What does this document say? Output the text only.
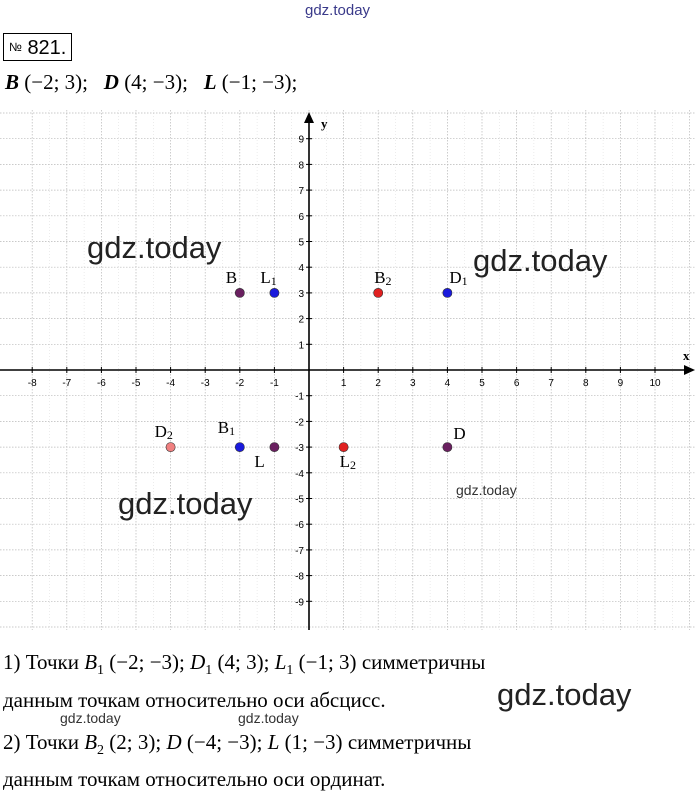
gdz.today
№ 821.
B (−2; 3); D (4; −3); L (−1; −3);
x
y
-8	-7	-6	-5	-4	-3	-2	-1	1	2	3	4	5	6	7	8	9	10
9
8
7
6
5
4
3
2
1
-1
-2
-3
-4
-5
-6
-7
-8
-9
B L1	B2	D1
D2	B1
L	L2
D
gdz.today	gdz.today
gdz.today	gdz.today
1) Точки $B_1$ (−2; −3); $D_1$ (4; 3); $L_1$ (−1; 3) симметричны
данным точкам относительно оси абсцисс.	gdz.today
gdz.today	gdz.today
2) Точки $B_2$ (2; 3); D (−4; −3); L (1; −3) симметричны
данным точкам относительно оси ординат.
